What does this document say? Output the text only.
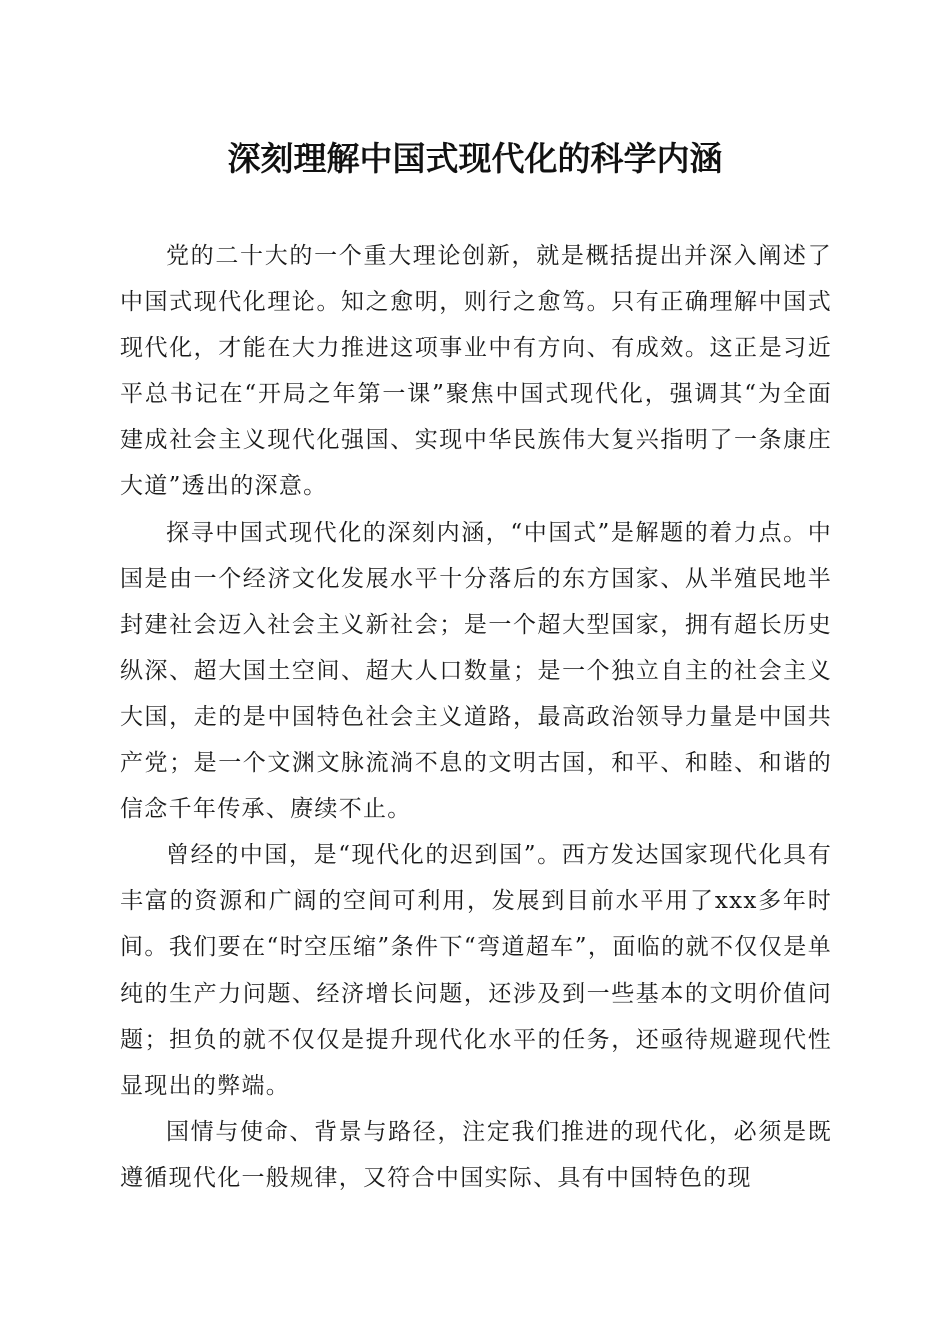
深刻理解中国式现代化的科学内涵

党的二十大的一个重大理论创新，就是概括提出并深入阐述了中国式现代化理论。知之愈明，则行之愈笃。只有正确理解中国式现代化，才能在大力推进这项事业中有方向、有成效。这正是习近平总书记在“开局之年第一课”聚焦中国式现代化，强调其“为全面建成社会主义现代化强国、实现中华民族伟大复兴指明了一条康庄大道”透出的深意。

探寻中国式现代化的深刻内涵，“中国式”是解题的着力点。中国是由一个经济文化发展水平十分落后的东方国家、从半殖民地半封建社会迈入社会主义新社会；是一个超大型国家，拥有超长历史纵深、超大国土空间、超大人口数量；是一个独立自主的社会主义大国，走的是中国特色社会主义道路，最高政治领导力量是中国共产党；是一个文渊文脉流淌不息的文明古国，和平、和睦、和谐的信念千年传承、赓续不止。

曾经的中国，是“现代化的迟到国”。西方发达国家现代化具有丰富的资源和广阔的空间可利用，发展到目前水平用了xxx多年时间。我们要在“时空压缩”条件下“弯道超车”，面临的就不仅仅是单纯的生产力问题、经济增长问题，还涉及到一些基本的文明价值问题；担负的就不仅仅是提升现代化水平的任务，还亟待规避现代性显现出的弊端。

国情与使命、背景与路径，注定我们推进的现代化，必须是既遵循现代化一般规律，又符合中国实际、具有中国特色的现
